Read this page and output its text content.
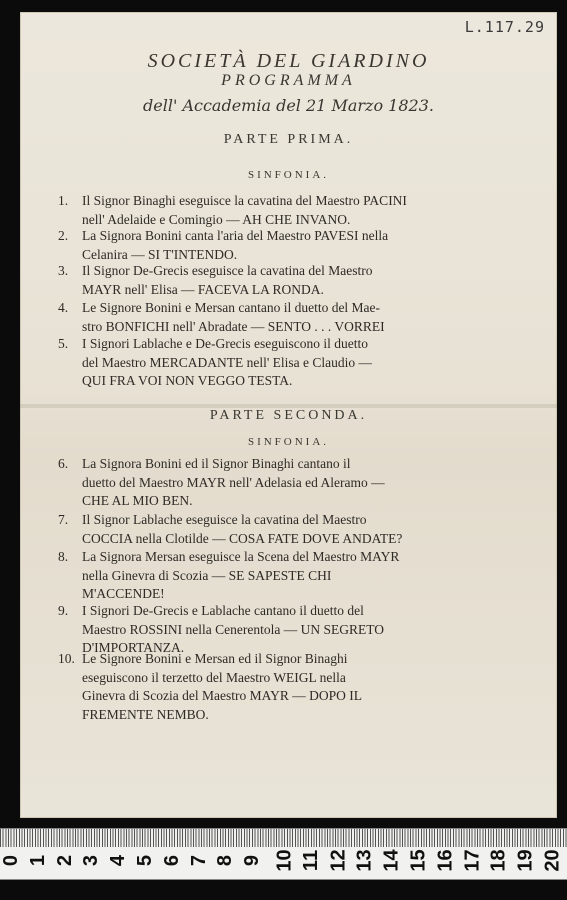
L.117.29
SOCIETÀ DEL GIARDINO
PROGRAMMA
dell' Accademia del 21 Marzo 1823.
PARTE PRIMA.
SINFONIA.
1. Il Signor Binaghi eseguisce la cavatina del Maestro PACINI
nell' Adelaide e Comingio — AH CHE INVANO.
2. La Signora Bonini canta l'aria del Maestro PAVESI nella
Celanira — SI T'INTENDO.
3. Il Signor De-Grecis eseguisce la cavatina del Maestro
MAYR nell' Elisa — FACEVA LA RONDA.
4. Le Signore Bonini e Mersan cantano il duetto del Mae-
stro BONFICHI nell' Abradate — SENTO . . . VORREI
5. I Signori Lablache e De-Grecis eseguiscono il duetto
del Maestro MERCADANTE nell' Elisa e Claudio —
QUI FRA VOI NON VEGGO TESTA.
PARTE SECONDA.
SINFONIA.
6. La Signora Bonini ed il Signor Binaghi cantano il
duetto del Maestro MAYR nell' Adelasia ed Aleramo —
CHE AL MIO BEN.
7. Il Signor Lablache eseguisce la cavatina del Maestro
COCCIA nella Clotilde — COSA FATE DOVE ANDATE?
8. La Signora Mersan eseguisce la Scena del Maestro MAYR
nella Ginevra di Scozia — SE SAPESTE CHI
M'ACCENDE!
9. I Signori De-Grecis e Lablache cantano il duetto del
Maestro ROSSINI nella Cenerentola — UN SEGRETO
D'IMPORTANZA.
10. Le Signore Bonini e Mersan ed il Signor Binaghi
eseguiscono il terzetto del Maestro WEIGL nella
Ginevra di Scozia del Maestro MAYR — DOPO IL
FREMENTE NEMBO.
0 1 2 3 4 5 6 7 8 9 10 11 12 13 14 15 16 17 18 19 20
